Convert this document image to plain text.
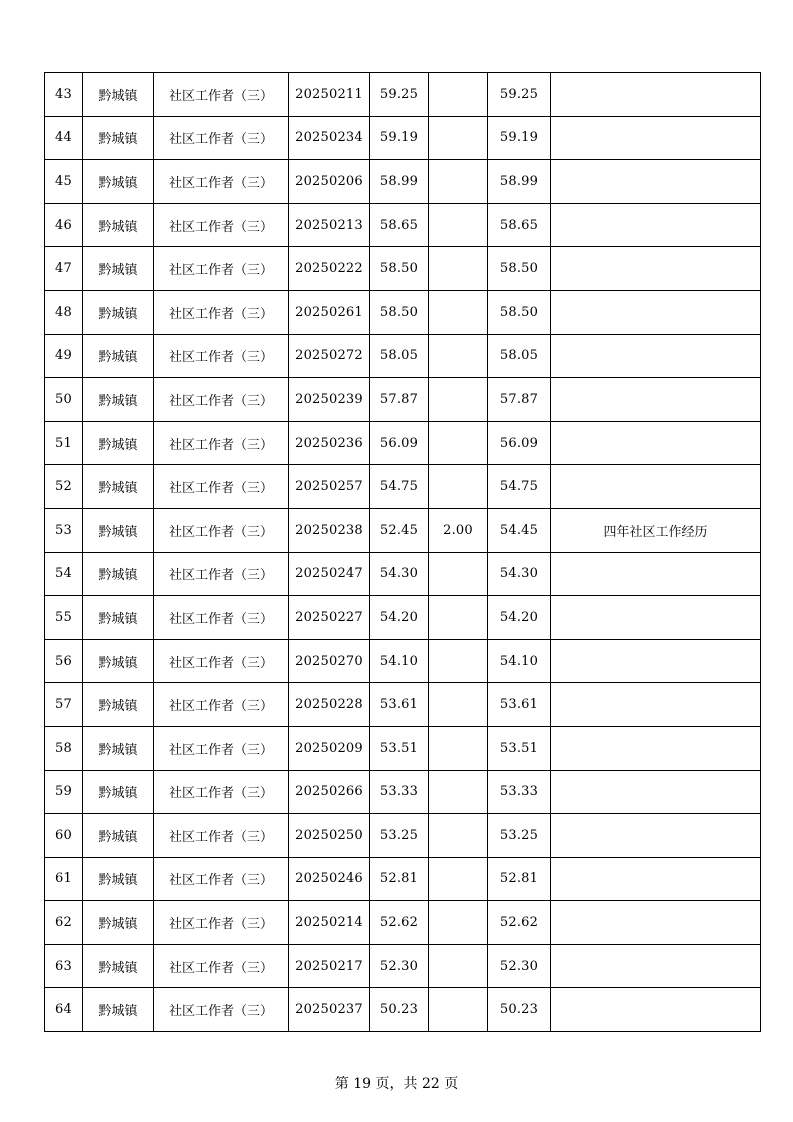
43	黔城镇	社区工作者（三）	20250211	59.25		59.25	
44	黔城镇	社区工作者（三）	20250234	59.19		59.19	
45	黔城镇	社区工作者（三）	20250206	58.99		58.99	
46	黔城镇	社区工作者（三）	20250213	58.65		58.65	
47	黔城镇	社区工作者（三）	20250222	58.50		58.50	
48	黔城镇	社区工作者（三）	20250261	58.50		58.50	
49	黔城镇	社区工作者（三）	20250272	58.05		58.05	
50	黔城镇	社区工作者（三）	20250239	57.87		57.87	
51	黔城镇	社区工作者（三）	20250236	56.09		56.09	
52	黔城镇	社区工作者（三）	20250257	54.75		54.75	
53	黔城镇	社区工作者（三）	20250238	52.45	2.00	54.45	四年社区工作经历
54	黔城镇	社区工作者（三）	20250247	54.30		54.30	
55	黔城镇	社区工作者（三）	20250227	54.20		54.20	
56	黔城镇	社区工作者（三）	20250270	54.10		54.10	
57	黔城镇	社区工作者（三）	20250228	53.61		53.61	
58	黔城镇	社区工作者（三）	20250209	53.51		53.51	
59	黔城镇	社区工作者（三）	20250266	53.33		53.33	
60	黔城镇	社区工作者（三）	20250250	53.25		53.25	
61	黔城镇	社区工作者（三）	20250246	52.81		52.81	
62	黔城镇	社区工作者（三）	20250214	52.62		52.62	
63	黔城镇	社区工作者（三）	20250217	52.30		52.30	
64	黔城镇	社区工作者（三）	20250237	50.23		50.23	
第 19 页，共 22 页
